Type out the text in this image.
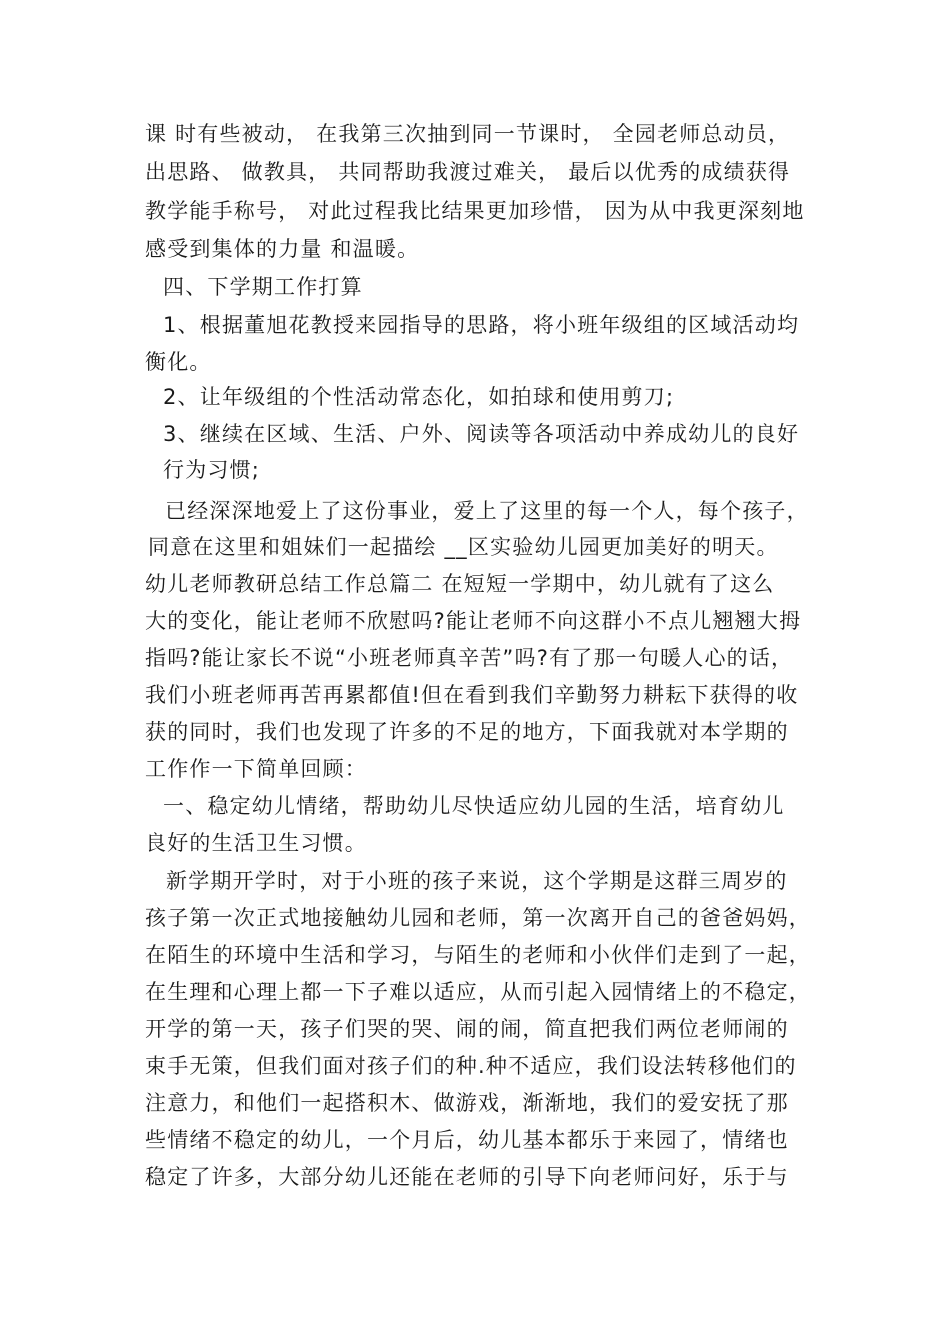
课 时有些被动， 在我第三次抽到同一节课时， 全园老师总动员，
出思路、 做教具， 共同帮助我渡过难关， 最后以优秀的成绩获得
教学能手称号， 对此过程我比结果更加珍惜， 因为从中我更深刻地
感受到集体的力量 和温暖。
四、下学期工作打算
1、根据董旭花教授来园指导的思路，将小班年级组的区域活动均
衡化。
2、让年级组的个性活动常态化，如拍球和使用剪刀;
3、继续在区域、生活、户外、阅读等各项活动中养成幼儿的良好
行为习惯;
已经深深地爱上了这份事业，爱上了这里的每一个人，每个孩子，
同意在这里和姐妹们一起描绘 __区实验幼儿园更加美好的明天。
幼儿老师教研总结工作总篇二 在短短一学期中，幼儿就有了这么
大的变化，能让老师不欣慰吗?能让老师不向这群小不点儿翘翘大拇
指吗?能让家长不说“小班老师真辛苦”吗?有了那一句暖人心的话，
我们小班老师再苦再累都值!但在看到我们辛勤努力耕耘下获得的收
获的同时，我们也发现了许多的不足的地方，下面我就对本学期的
工作作一下简单回顾：
一、稳定幼儿情绪，帮助幼儿尽快适应幼儿园的生活，培育幼儿
良好的生活卫生习惯。
新学期开学时，对于小班的孩子来说，这个学期是这群三周岁的
孩子第一次正式地接触幼儿园和老师，第一次离开自己的爸爸妈妈，
在陌生的环境中生活和学习，与陌生的老师和小伙伴们走到了一起，
在生理和心理上都一下子难以适应，从而引起入园情绪上的不稳定，
开学的第一天，孩子们哭的哭、闹的闹，简直把我们两位老师闹的
束手无策，但我们面对孩子们的种.种不适应，我们设法转移他们的
注意力，和他们一起搭积木、做游戏，渐渐地，我们的爱安抚了那
些情绪不稳定的幼儿，一个月后，幼儿基本都乐于来园了，情绪也
稳定了许多，大部分幼儿还能在老师的引导下向老师问好，乐于与
